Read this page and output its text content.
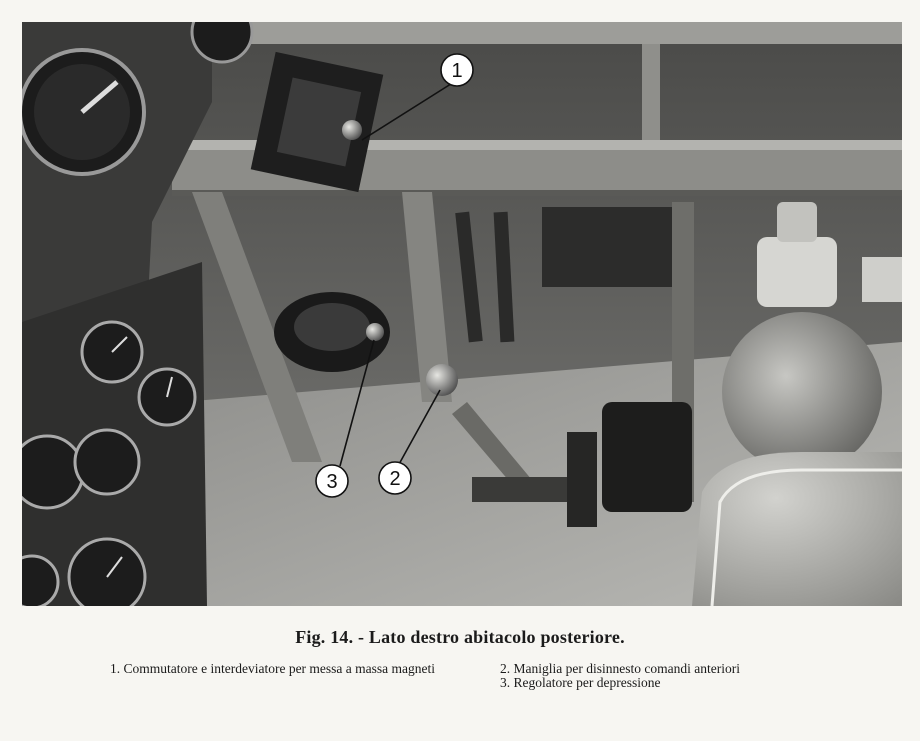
1
2
3
Fig. 14. - Lato destro abitacolo posteriore.
1. Commutatore e interdeviatore per messa a massa magneti	2. Maniglia per disinnesto comandi anteriori
3. Regolatore per depressione
